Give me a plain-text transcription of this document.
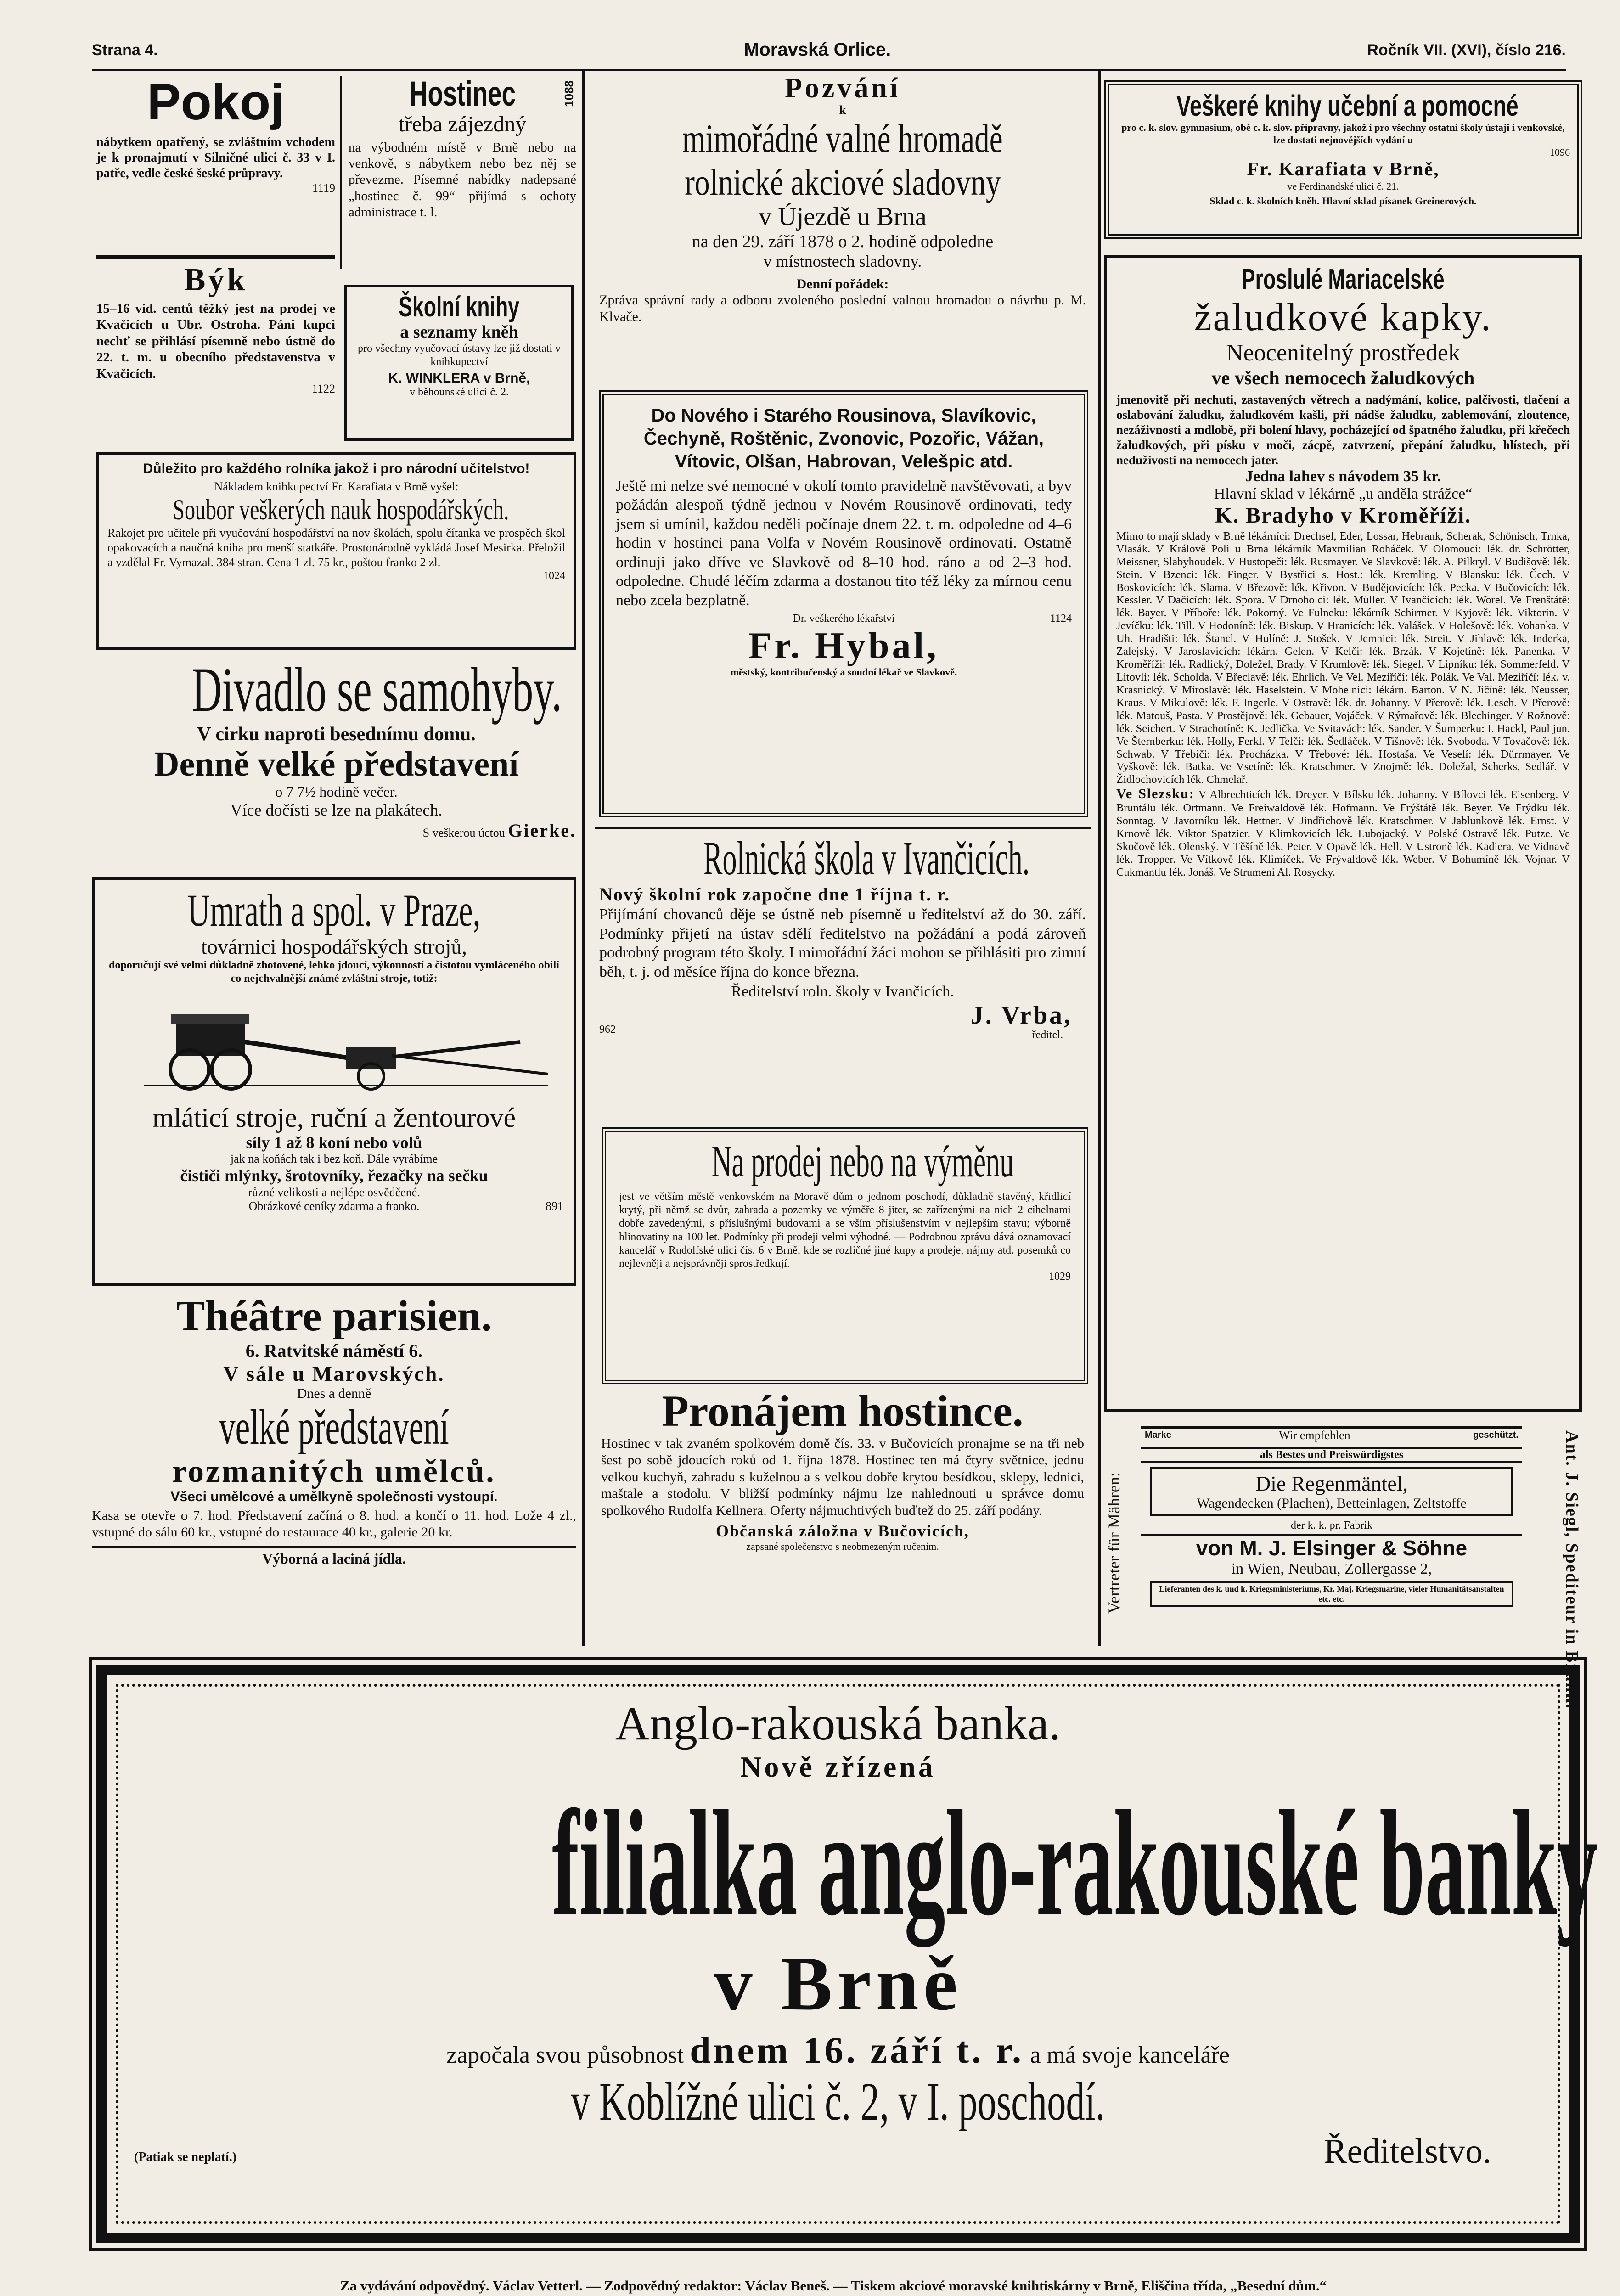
Strana 4.	Moravská Orlice.	Ročník VII. (XVI), číslo 216.
Pokoj
nábytkem opatřený, se zvláštním vchodem je k pronajmutí v Silničné ulici č. 33 v I. patře, vedle české šeské průpravy.
1119
1088
Hostinec
třeba zájezdný
na výbodném místě v Brně nebo na venkově, s nábytkem nebo bez něj se převezme. Písemné nabídky nadepsané „hostinec č. 99“ přijímá s ochoty administrace t. l.
Býk
15–16 vid. centů těžký jest na prodej ve Kvačicích u Ubr. Ostroha. Páni kupci nechť se přihlásí písemně nebo ústně do 22. t. m. u obecního představenstva v Kvačicích.
1122
Školní knihy
a seznamy kněh
pro všechny vyučovací ústavy lze již dostati v knihkupectví
K. WINKLERA v Brně,
v běhounské ulici č. 2.
Důležito pro každého rolníka jakož i pro národní učitelstvo!
Nákladem knihkupectví Fr. Karafiata v Brně vyšel:
Soubor veškerých nauk hospodářských.
Rakojet pro učitele při vyučování hospodářství na nov školách, spolu čítanka ve prospěch škol opakovacích a naučná kniha pro menší statkáře. Prostonárodně vykládá Josef Mesirka. Přeložil a vzdělal Fr. Vymazal. 384 stran. Cena 1 zl. 75 kr., poštou franko 2 zl.
1024
Divadlo se samohyby.
V cirku naproti besednímu domu.
Denně velké představení
o 7 7½ hodině večer.
Více dočísti se lze na plakátech.
S veškerou úctou Gierke.
Umrath a spol. v Praze,
továrnici hospodářských strojů,
doporučují své velmi důkladně zhotovené, lehko jdoucí, výkonností a čistotou vymláceného obilí co nejchvalnější známé zvláštní stroje, totiž:
mláticí stroje, ruční a žentourové
síly 1 až 8 koní nebo volů
jak na koňách tak i bez koň. Dále vyrábíme
čističi mlýnky, šrotovníky, řezačky na sečku
různé velikosti a nejlépe osvědčené.
Obrázkové ceníky zdarma a franko.	891
Théâtre parisien.
6. Ratvitské náměstí 6.
V sále u Marovských.
Dnes a denně
velké představení
rozmanitých umělců.
Všeci umělcové a umělkyně společnosti vystoupí.
Kasa se otevře o 7. hod. Představení začíná o 8. hod. a končí o 11. hod. Lože 4 zl., vstupné do sálu 60 kr., vstupné do restaurace 40 kr., galerie 20 kr.
Výborná a laciná jídla.
Pozvání
k
mimořádné valné hromadě
rolnické akciové sladovny
v Újezdě u Brna
na den 29. září 1878 o 2. hodině odpoledne
v místnostech sladovny.
Denní pořádek:
Zpráva správní rady a odboru zvoleného poslední valnou hromadou o návrhu p. M. Klvače.
Do Nového i Starého Rousinova, Slavíkovic, Čechyně, Roštěnic, Zvonovic, Pozořic, Vážan, Vítovic, Olšan, Habrovan, Velešpic atd.
Ještě mi nelze své nemocné v okolí tomto pravidelně navštěvovati, a byv požádán alespoň týdně jednou v Novém Rousinově ordinovati, tedy jsem si umínil, každou neděli počínaje dnem 22. t. m. odpoledne od 4–6 hodin v hostinci pana Volfa v Novém Rousinově ordinovati. Ostatně ordinuji jako dříve ve Slavkově od 8–10 hod. ráno a od 2–3 hod. odpoledne. Chudé léčím zdarma a dostanou tito též léky za mírnou cenu nebo zcela bezplatně.
Dr. veškerého lékařství	1124
Fr. Hybal,
městský, kontribučenský a soudní lékař ve Slavkově.
Rolnická škola v Ivančicích.
Nový školní rok započne dne 1 října t. r.
Přijímání chovanců děje se ústně neb písemně u ředitelství až do 30. září. Podmínky přijetí na ústav sdělí ředitelstvo na požádání a podá zároveň podrobný program této školy. I mimořádní žáci mohou se přihlásiti pro zimní běh, t. j. od měsíce října do konce března.
Ředitelství roln. školy v Ivančicích.
962	J. Vrba,
ředitel.
Na prodej nebo na výměnu
jest ve větším městě venkovském na Moravě dům o jednom poschodí, důkladně stavěný, křidlicí krytý, při němž se dvůr, zahrada a pozemky ve výměře 8 jiter, se zařízenými na nich 2 cihelnami dobře zavedenými, s příslušnými budovami a se vším příslušenstvím v nejlepším stavu; výborně hlinovatiny na 100 let. Podmínky při prodeji velmi výhodné. — Podrobnou zprávu dává oznamovací kancelář v Rudolfské ulici čís. 6 v Brně, kde se rozličné jiné kupy a prodeje, nájmy atd. posemků co nejlevněji a nejsprávněji sprostředkují.
1029
Pronájem hostince.
Hostinec v tak zvaném spolkovém domě čís. 33. v Bučovicích pronajme se na tři neb šest po sobě jdoucích roků od 1. října 1878. Hostinec ten má čtyry světnice, jednu velkou kuchyň, zahradu s kuželnou a s velkou dobře krytou besídkou, sklepy, lednici, maštale a stodolu. V bližší podmínky nájmu lze nahlednouti u správce domu spolkového Rudolfa Kellnera. Oferty nájmuchtivých buďtež do 25. září podány.
Občanská záložna v Bučovicích,
zapsané společenstvo s neobmezeným ručením.
Veškeré knihy učební a pomocné
pro c. k. slov. gymnasium, obě c. k. slov. přípravny, jakož i pro všechny ostatní školy ústaji i venkovské, lze dostati nejnovějších vydání u
1096
Fr. Karafiata v Brně,
ve Ferdinandské ulici č. 21.
Sklad c. k. školních kněh. Hlavní sklad písanek Greinerových.
Proslulé Mariacelské
žaludkové kapky.
Neocenitelný prostředek
ve všech nemocech žaludkových
jmenovitě při nechuti, zastavených větrech a nadýmání, kolice, palčivosti, tlačení a oslabování žaludku, žaludkovém kašli, při nádše žaludku, zablemování, zloutence, nezáživnosti a mdlobě, při bolení hlavy, pocházející od špatného žaludku, při křečech žaludkových, při písku v moči, zácpě, zatvrzení, přepání žaludku, hlístech, při neduživosti na nemocech jater.
Jedna lahev s návodem 35 kr.
Hlavní sklad v lékárně „u anděla strážce“
K. Bradyho v Kroměříži.
Mimo to mají sklady v Brně lékárníci: Drechsel, Eder, Lossar, Hebrank, Scherak, Schönisch, Trnka, Vlasák. V Králově Poli u Brna lékárník Maxmilian Roháček. V Olomouci: lék. dr. Schrötter, Meissner, Slabyhoudek. V Hustopeči: lék. Rusmayer. Ve Slavkově: lék. A. Pilkryl. V Budišově: lék. Stein. V Bzenci: lék. Finger. V Bystřici s. Host.: lék. Kremling. V Blansku: lék. Čech. V Boskovicích: lék. Slama. V Březově: lék. Křivon. V Budějovicích: lék. Pecka. V Bučovicích: lék. Kessler. V Dačicích: lék. Spora. V Drnoholci: lék. Müller. V Ivančicích: lék. Worel. Ve Frenštátě: lék. Bayer. V Příboře: lék. Pokorný. Ve Fulneku: lékárník Schirmer. V Kyjově: lék. Viktorin. V Jevíčku: lék. Till. V Hodoníně: lék. Biskup. V Hranicích: lék. Valášek. V Holešově: lék. Vohanka. V Uh. Hradišti: lék. Štancl. V Hulíně: J. Stošek. V Jemnici: lék. Streit. V Jihlavě: lék. Inderka, Zalejský. V Jaroslavicích: lékárn. Gelen. V Kelči: lék. Brzák. V Kojetíně: lék. Panenka. V Kroměříži: lék. Radlický, Doležel, Brady. V Krumlově: lék. Siegel. V Lipníku: lék. Sommerfeld. V Litovli: lék. Scholda. V Břeclavě: lék. Ehrlich. Ve Vel. Meziříčí: lék. Polák. Ve Val. Meziříčí: lék. v. Krasnický. V Míroslavě: lék. Haselstein. V Mohelnici: lékárn. Barton. V N. Jičíně: lék. Neusser, Kraus. V Mikulově: lék. F. Ingerle. V Ostravě: lék. dr. Johanny. V Přerově: lék. Lesch. V Přerově: lék. Matouš, Pasta. V Prostějově: lék. Gebauer, Vojáček. V Rýmařově: lék. Blechinger. V Rožnově: lék. Seichert. V Strachotíně: K. Jedlička. Ve Svitavách: lék. Sander. V Šumperku: I. Hackl, Paul jun. Ve Šternberku: lék. Holly, Ferkl. V Telči: lék. Šedláček. V Tišnově: lék. Svoboda. V Tovačově: lék. Schwab. V Třebíči: lék. Procházka. V Třebové: lék. Hostaša. Ve Veselí: lék. Dürrmayer. Ve Vyškově: lék. Batka. Ve Vsetíně: lék. Kratschmer. V Znojmě: lék. Doležal, Scherks, Sedlář. V Židlochovicích lék. Chmelař.
Ve Slezsku: V Albrechticích lék. Dreyer. V Bílsku lék. Johanny. V Bílovci lék. Eisenberg. V Bruntálu lék. Ortmann. Ve Freiwaldově lék. Hofmann. Ve Frýštátě lék. Beyer. Ve Frýdku lék. Sonntag. V Javorníku lék. Hettner. V Jindřichově lék. Kratschmer. V Jablunkově lék. Ernst. V Krnově lék. Viktor Spatzier. V Klimkovicích lék. Lubojacký. V Polské Ostravě lék. Putze. Ve Skočově lék. Olenský. V Těšíně lék. Peter. V Opavě lék. Hell. V Ustroně lék. Kadiera. Ve Vidnavě lék. Tropper. Ve Vítkově lék. Klimíček. Ve Frývaldově lék. Weber. V Bohumíně lék. Vojnar. V Cukmantlu lék. Jonáš. Ve Strumeni Al. Rosycky.
Vertreter für Mähren:
Marke	Wir empfehlen	geschützt.
als Bestes und Preiswürdigstes
Die Regenmäntel,
Wagendecken (Plachen), Betteinlagen, Zeltstoffe
der k. k. pr. Fabrik
von M. J. Elsinger & Söhne
in Wien, Neubau, Zollergasse 2,
Lieferanten des k. und k. Kriegsministeriums, Kr. Maj. Kriegsmarine, vieler Humanitätsanstalten etc. etc.	Ant. J. Siegl, Spediteur in Brünn.
Anglo-rakouská banka.
Nově zřízená
filialka anglo-rakouské banky
v Brně
započala svou působnost dnem 16. září t. r. a má svoje kanceláře
v Koblížné ulici č. 2, v I. poschodí.
(Patiak se neplatí.)	Ředitelstvo.
Za vydávání odpovědný. Václav Vetterl. — Zodpovědný redaktor: Václav Beneš. — Tiskem akciové moravské knihtiskárny v Brně, Eliščina třída, „Besední dům.“
